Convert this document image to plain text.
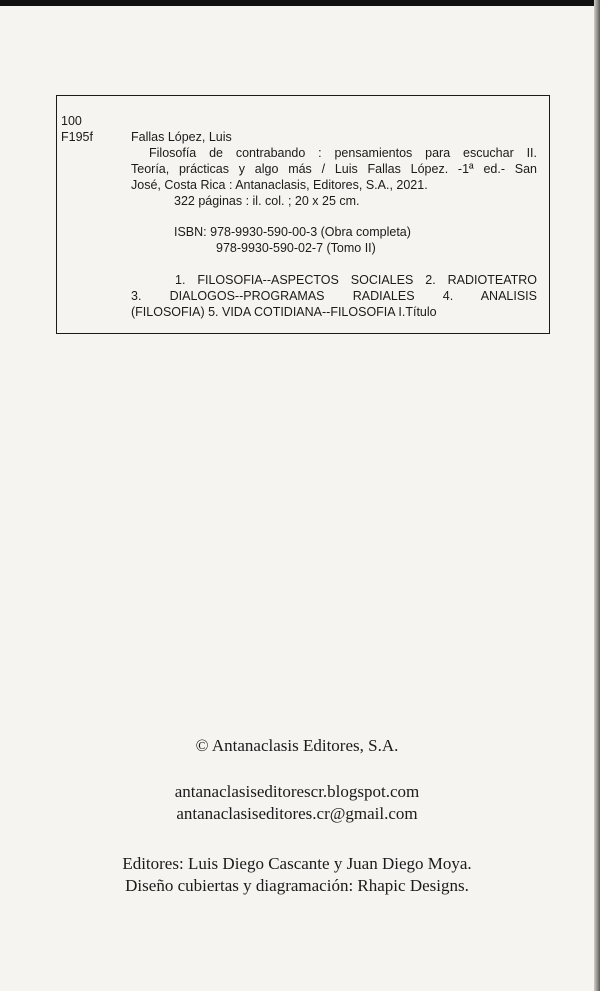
100
F195f	Fallas López, Luis
Filosofía de contrabando : pensamientos para escuchar II.
Teoría, prácticas y algo más / Luis Fallas López. -1ª ed.- San
José, Costa Rica : Antanaclasis, Editores, S.A., 2021.
322 páginas : il. col. ; 20 x 25 cm.
ISBN: 978-9930-590-00-3 (Obra completa)
978-9930-590-02-7 (Tomo II)
1. FILOSOFIA--ASPECTOS SOCIALES 2. RADIOTEATRO
3. DIALOGOS--PROGRAMAS RADIALES 4. ANALISIS
(FILOSOFIA) 5. VIDA COTIDIANA--FILOSOFIA I.Título
© Antanaclasis Editores, S.A.
antanaclasiseditorescr.blogspot.com
antanaclasiseditores.cr@gmail.com
Editores: Luis Diego Cascante y Juan Diego Moya.
Diseño cubiertas y diagramación: Rhapic Designs.
